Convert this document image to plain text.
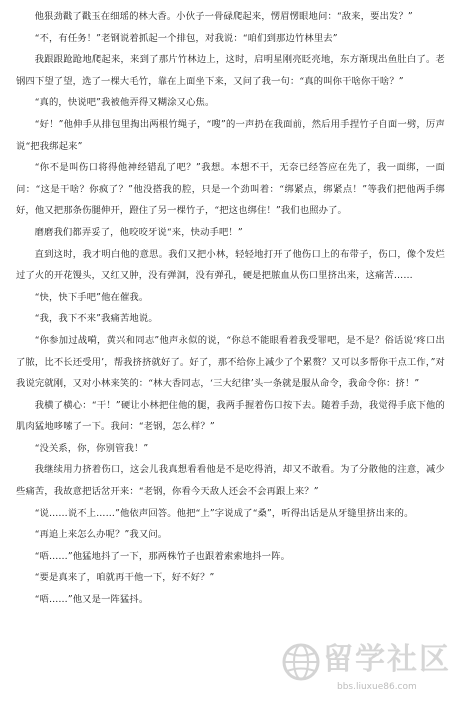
他狠劲戳了戳玉在细瑶的林大香。小伙子一骨碌爬起来，愣眉愣眼地问：“敌来，要出发？”

“不，有任务！”老钢说着抓起一个排包，对我说：“咱们到那边竹林里去”

我跟跟跄跄地爬起来，来到了那片竹林边上，这时，启明星刚亮眨亮地，东方渐现出鱼肚白了。老钢四下望了望，选了一棵大毛竹，靠在上面坐下来，又问了我一句：“真的叫你干啥你干啥？”

“真的，快说吧”我被他弄得又糊涂又心焦。

“好！”他伸手从排包里掏出两根竹绳子，“嗖”的一声扔在我面前，然后用手捏竹子自面一劈，厉声说“把我绑起来”

“你不是叫伤口将得他神经错乱了吧？”我想。本想不干，无奈已经答应在先了，我一面绑，一面问：“这是干啥？你疯了？”他没搭我的腔，只是一个劲叫着：“绑紧点，绑紧点！”等我们把他两手绑好，他又把那条伤腿伸开，蹬住了另一棵竹子，“把这也绑住！”我们也照办了。

磨磨我们都弄妥了，他咬咬牙说“来，快动手吧！”

直到这时，我才明白他的意思。我们又把小林，轻轻地打开了他伤口上的布带子，伤口，像个发烂过了火的开花馒头，又红又肿，没有弹洞，没有弹孔，硬是把脓血从伤口里挤出来，这痛苦……

“快，快下手吧”他在催我。

“我，我下不来”我痛苦地说。

“你参加过战嗬，黄兴和同志”他声永似的说，“你总不能眼看着我受罪吧，是不是？俗话说‘疼口出了脓，比不长还受用’，帮我挤挤就好了。好了，那不给你上减少了个累赘？又可以多帮你干点工作，”对我说完就刚，又对小林来笑的：“林大香同志，‘三大纪律’头一条就是服从命令，我命令你：挤！”

我横了横心：“干！”硬让小林把住他的腿，我两手握着伤口按下去。随着手劲，我觉得手底下他的肌肉猛地哆嗦了一下。我问：“老钢，怎么样？”

“没关系，你，你别管我！”

我继续用力挤着伤口，这会儿我真想看看他是不是吃得消，却又不敢看。为了分散他的注意，减少些痛苦，我故意把话岔开来：“老钢，你看今天敌人还会不会再跟上来？”

“说……说不上……”他依声回答。他把“上”字说成了“桑”，听得出话是从牙缝里挤出来的。

“再追上来怎么办呢？”我又问。

“唔……”他猛地抖了一下，那两株竹子也跟着索索地抖一阵。

“要是真来了，咱就再干他一下，好不好？”

“唔……”他又是一阵猛抖。

留学社区
bbs.liuxue86.com
